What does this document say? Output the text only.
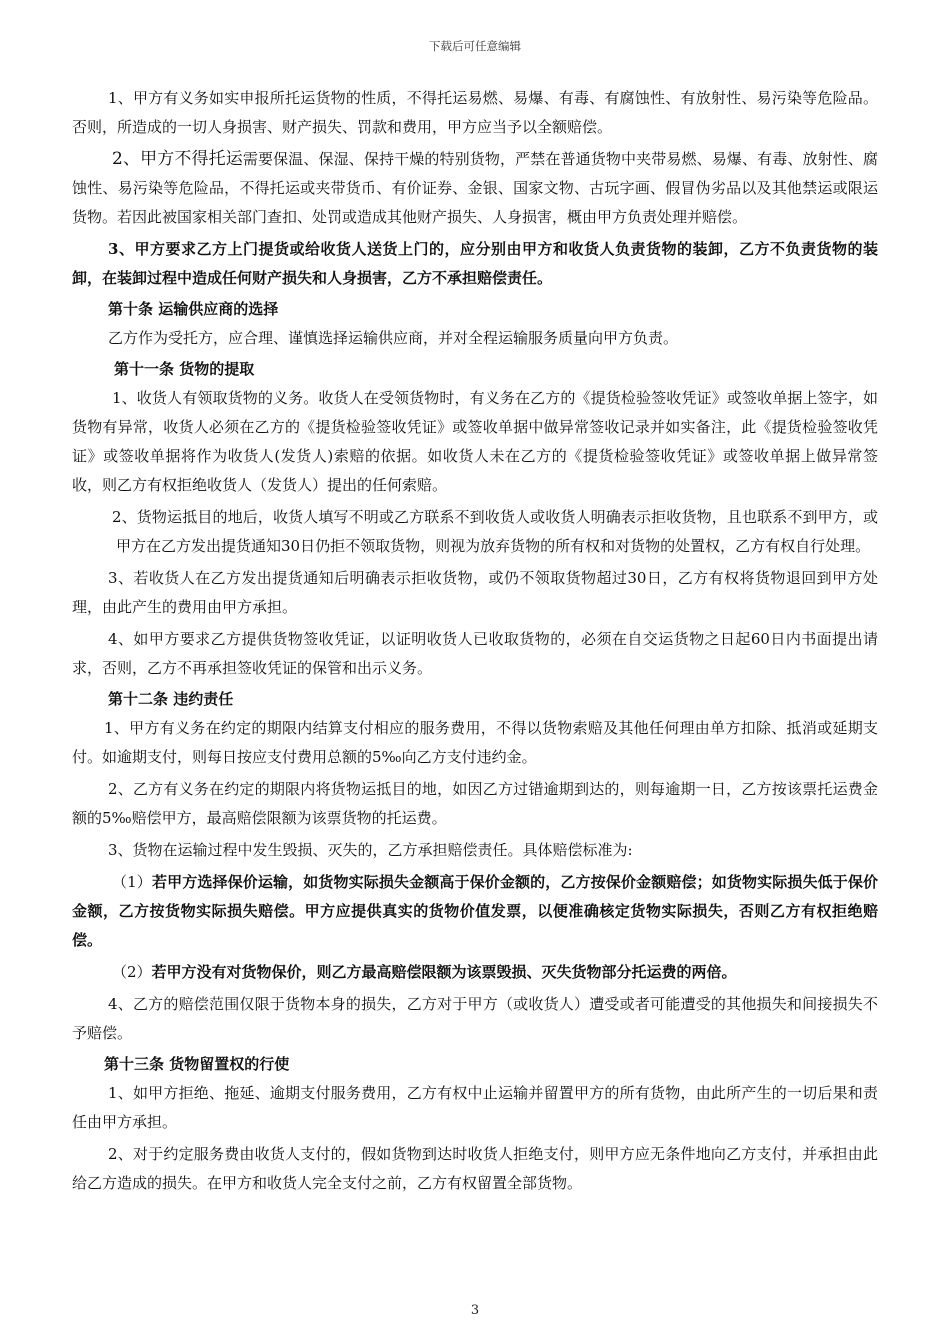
下载后可任意编辑

1、甲方有义务如实申报所托运货物的性质，不得托运易燃、易爆、有毒、有腐蚀性、有放射性、易污染等危险品。否则，所造成的一切人身损害、财产损失、罚款和费用，甲方应当予以全额赔偿。

2、甲方不得托运需要保温、保湿、保持干燥的特别货物，严禁在普通货物中夹带易燃、易爆、有毒、放射性、腐蚀性、易污染等危险品，不得托运或夹带货币、有价证券、金银、国家文物、古玩字画、假冒伪劣品以及其他禁运或限运货物。若因此被国家相关部门查扣、处罚或造成其他财产损失、人身损害，概由甲方负责处理并赔偿。

3、甲方要求乙方上门提货或给收货人送货上门的，应分别由甲方和收货人负责货物的装卸，乙方不负责货物的装卸，在装卸过程中造成任何财产损失和人身损害，乙方不承担赔偿责任。

第十条 运输供应商的选择

乙方作为受托方，应合理、谨慎选择运输供应商，并对全程运输服务质量向甲方负责。

第十一条 货物的提取

1、收货人有领取货物的义务。收货人在受领货物时，有义务在乙方的《提货检验签收凭证》或签收单据上签字，如货物有异常，收货人必须在乙方的《提货检验签收凭证》或签收单据中做异常签收记录并如实备注，此《提货检验签收凭证》或签收单据将作为收货人(发货人)索赔的依据。如收货人未在乙方的《提货检验签收凭证》或签收单据上做异常签收，则乙方有权拒绝收货人（发货人）提出的任何索赔。

2、货物运抵目的地后，收货人填写不明或乙方联系不到收货人或收货人明确表示拒收货物，且也联系不到甲方，或甲方在乙方发出提货通知30日仍拒不领取货物，则视为放弃货物的所有权和对货物的处置权，乙方有权自行处理。

3、若收货人在乙方发出提货通知后明确表示拒收货物，或仍不领取货物超过30日，乙方有权将货物退回到甲方处理，由此产生的费用由甲方承担。

4、如甲方要求乙方提供货物签收凭证，以证明收货人已收取货物的，必须在自交运货物之日起60日内书面提出请求，否则，乙方不再承担签收凭证的保管和出示义务。

第十二条 违约责任

1、甲方有义务在约定的期限内结算支付相应的服务费用，不得以货物索赔及其他任何理由单方扣除、抵消或延期支付。如逾期支付，则每日按应支付费用总额的5‰向乙方支付违约金。

2、乙方有义务在约定的期限内将货物运抵目的地，如因乙方过错逾期到达的，则每逾期一日，乙方按该票托运费金额的5‰赔偿甲方，最高赔偿限额为该票货物的托运费。

3、货物在运输过程中发生毁损、灭失的，乙方承担赔偿责任。具体赔偿标准为:

（1）若甲方选择保价运输，如货物实际损失金额高于保价金额的，乙方按保价金额赔偿；如货物实际损失低于保价金额，乙方按货物实际损失赔偿。甲方应提供真实的货物价值发票，以便准确核定货物实际损失，否则乙方有权拒绝赔偿。

（2）若甲方没有对货物保价，则乙方最高赔偿限额为该票毁损、灭失货物部分托运费的两倍。

4、乙方的赔偿范围仅限于货物本身的损失，乙方对于甲方（或收货人）遭受或者可能遭受的其他损失和间接损失不予赔偿。

第十三条 货物留置权的行使

1、如甲方拒绝、拖延、逾期支付服务费用，乙方有权中止运输并留置甲方的所有货物，由此所产生的一切后果和责任由甲方承担。

2、对于约定服务费由收货人支付的，假如货物到达时收货人拒绝支付，则甲方应无条件地向乙方支付，并承担由此给乙方造成的损失。在甲方和收货人完全支付之前，乙方有权留置全部货物。

3
